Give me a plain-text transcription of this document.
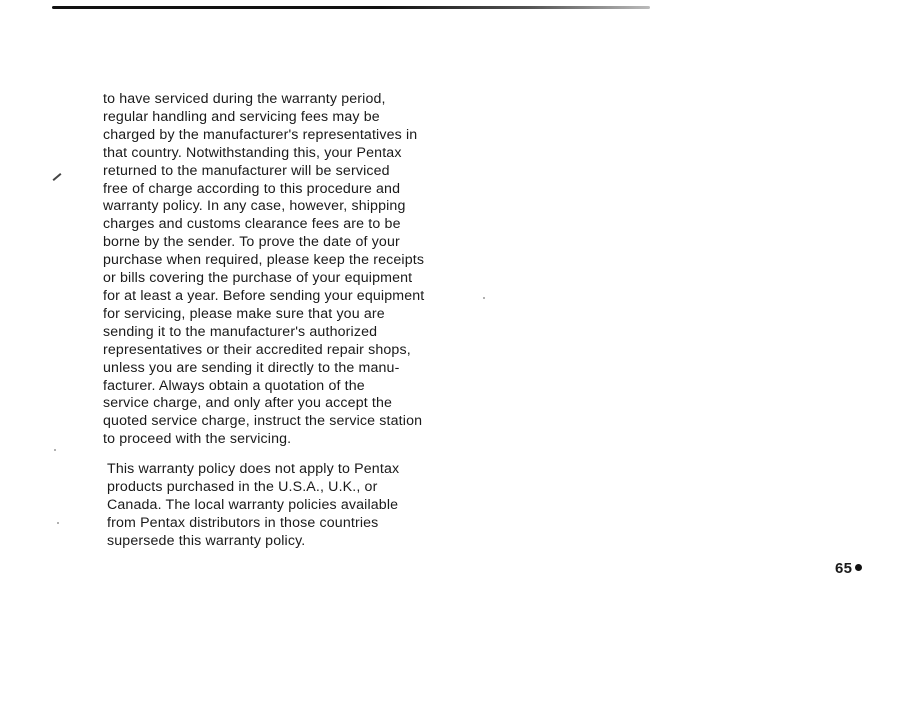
to have serviced during the warranty period,
regular handling and servicing fees may be
charged by the manufacturer's representatives in
that country. Notwithstanding this, your Pentax
returned to the manufacturer will be serviced
free of charge according to this procedure and
warranty policy. In any case, however, shipping
charges and customs clearance fees are to be
borne by the sender. To prove the date of your
purchase when required, please keep the receipts
or bills covering the purchase of your equipment
for at least a year. Before sending your equipment
for servicing, please make sure that you are
sending it to the manufacturer's authorized
representatives or their accredited repair shops,
unless you are sending it directly to the manu-
facturer. Always obtain a quotation of the
service charge, and only after you accept the
quoted service charge, instruct the service station
to proceed with the servicing.

This warranty policy does not apply to Pentax
products purchased in the U.S.A., U.K., or
Canada. The local warranty policies available
from Pentax distributors in those countries
supersede this warranty policy.

65
